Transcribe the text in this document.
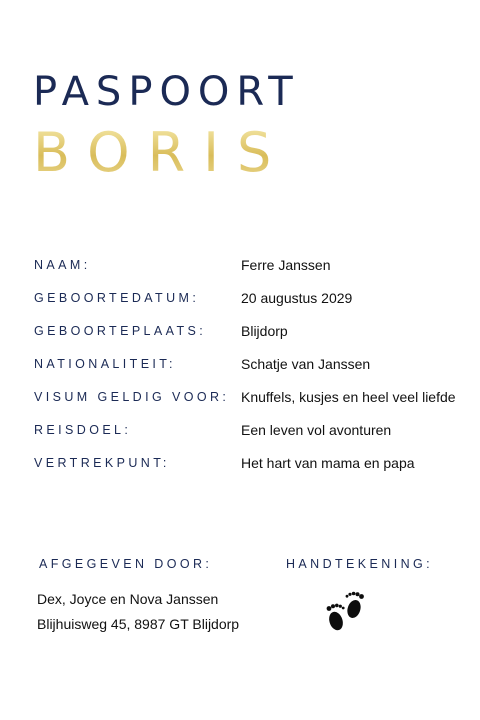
PASPOORT
BORIS
NAAM:	Ferre Janssen
GEBOORTEDATUM:	20 augustus 2029
GEBOORTEPLAATS: Blijdorp
NATIONALITEIT:	Schatje van Janssen
VISUM GELDIG VOOR: Knuffels, kusjes en heel veel liefde
REISDOEL:	Een leven vol avonturen
VERTREKPUNT:	Het hart van mama en papa
AFGEGEVEN DOOR:	HANDTEKENING:
Dex, Joyce en Nova Janssen
Blijhuisweg 45, 8987 GT Blijdorp
